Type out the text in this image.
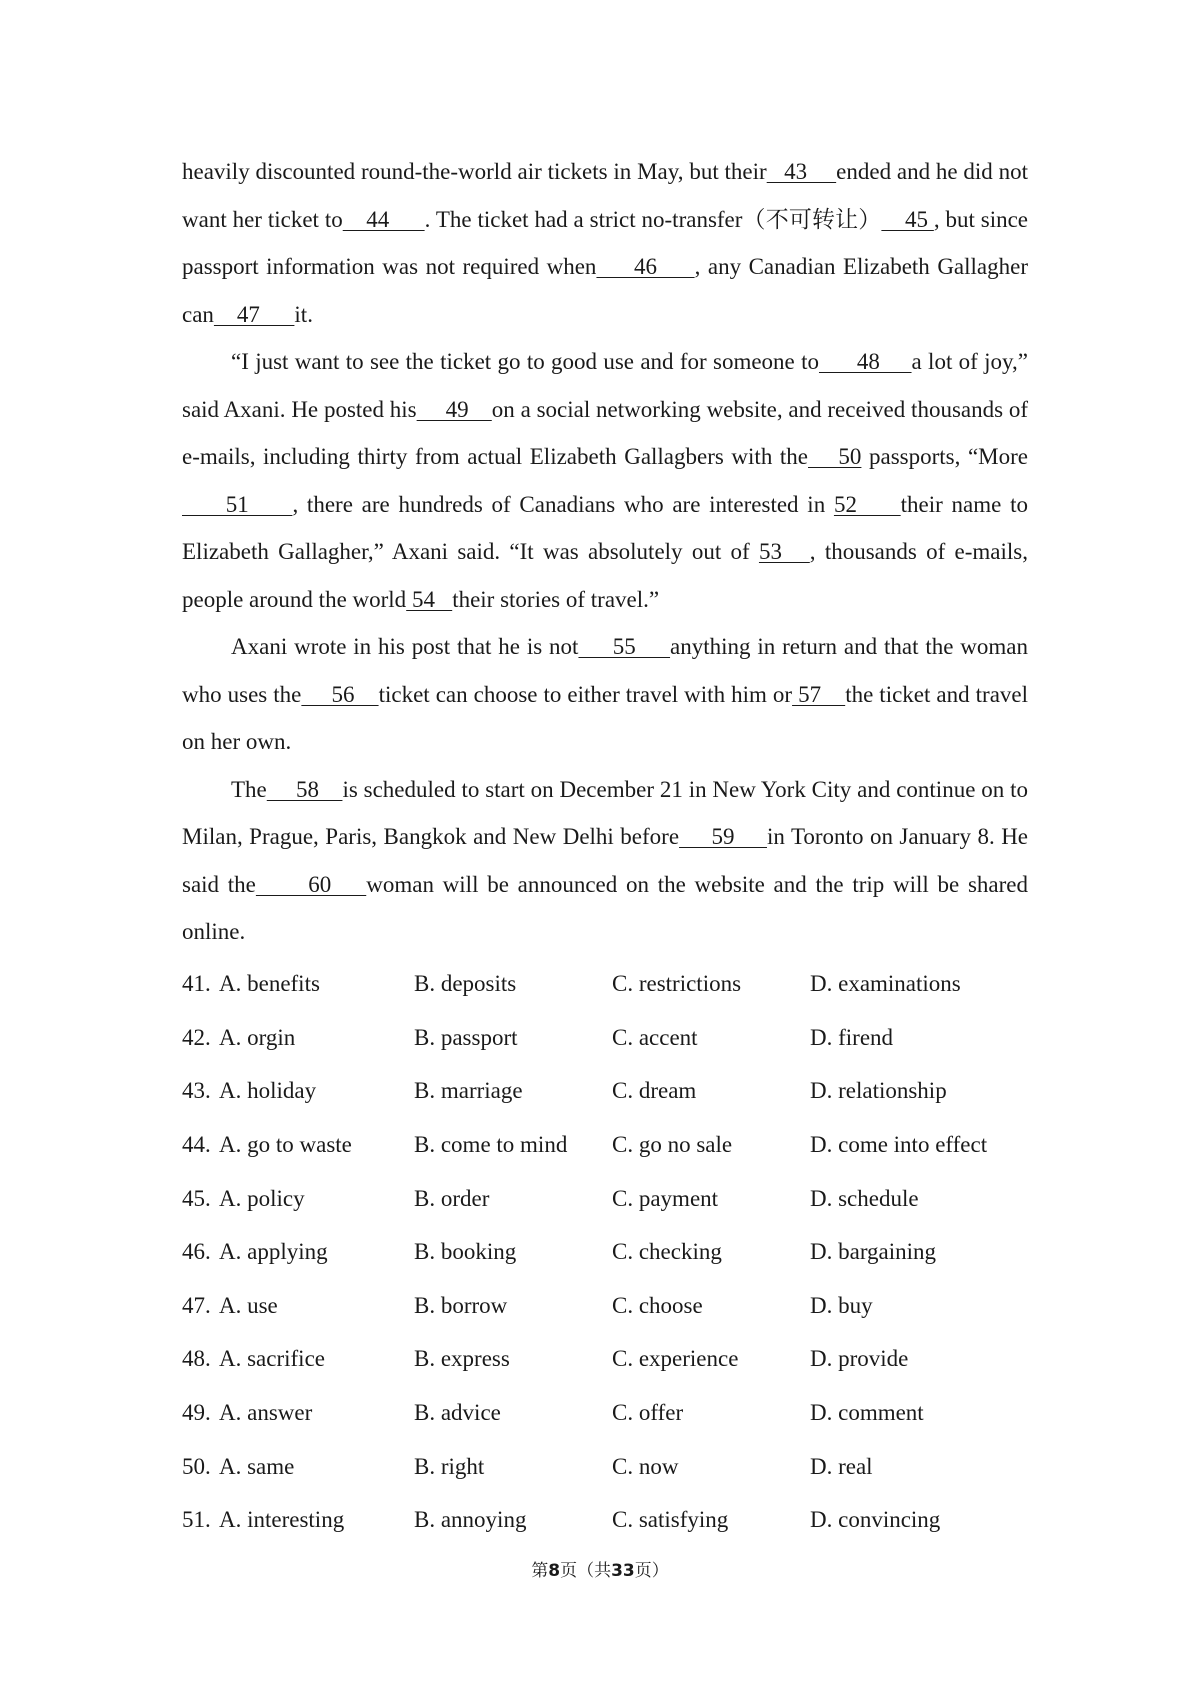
heavily discounted round-the-world air tickets in May, but their   43     ended and he did not want her ticket to    44      . The ticket had a strict no-transfer（不可转让）    45 , but since passport information was not required when     46     , any Canadian Elizabeth Gallagher can    47      it.

“I just want to see the ticket go to good use and for someone to      48     a lot of joy,” said Axani. He posted his     49    on a social networking website, and received thousands of e-mails, including thirty from actual Elizabeth Gallagbers with the    50 passports, “More     51     , there are hundreds of Canadians who are interested in 52     their name to Elizabeth Gallagher,” Axani said. “It was absolutely out of 53   , thousands of e-mails, people around the world 54   their stories of travel.”

Axani wrote in his post that he is not     55     anything in return and that the woman who uses the     56    ticket can choose to either travel with him or 57    the ticket and travel on her own.

The     58    is scheduled to start on December 21 in New York City and continue on to Milan, Prague, Paris, Bangkok and New Delhi before     59     in Toronto on January 8. He said the      60    woman will be announced on the website and the trip will be shared online.

41. A. benefits	B. deposits	C. restrictions	D. examinations
42. A. orgin	B. passport	C. accent	D. firend
43. A. holiday	B. marriage	C. dream	D. relationship
44. A. go to waste	B. come to mind	C. go no sale	D. come into effect
45. A. policy	B. order	C. payment	D. schedule
46. A. applying	B. booking	C. checking	D. bargaining
47. A. use	B. borrow	C. choose	D. buy
48. A. sacrifice	B. express	C. experience	D. provide
49. A. answer	B. advice	C. offer	D. comment
50. A. same	B. right	C. now	D. real
51. A. interesting	B. annoying	C. satisfying	D. convincing
第8页（共33页）
